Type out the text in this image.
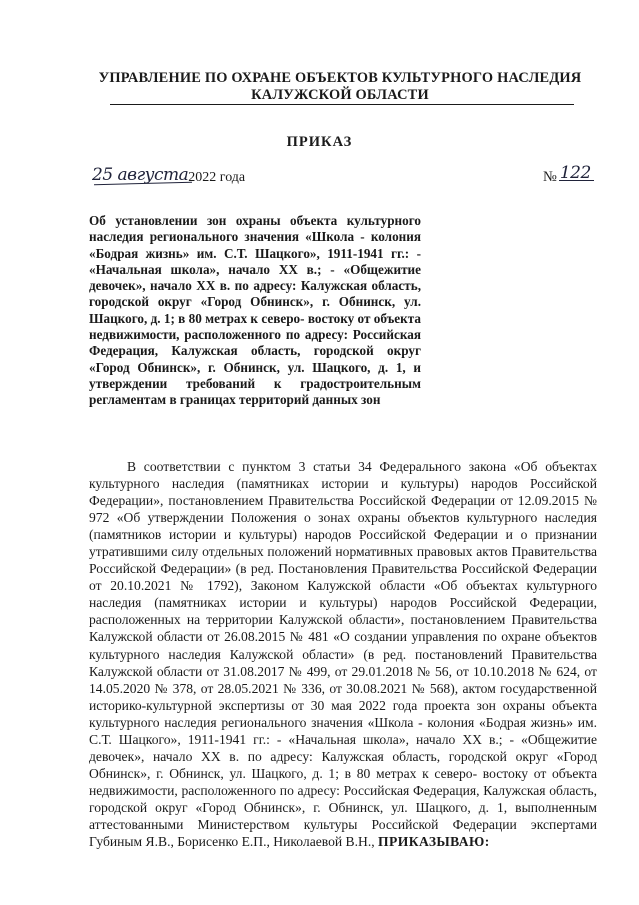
УПРАВЛЕНИЕ ПО ОХРАНЕ ОБЪЕКТОВ КУЛЬТУРНОГО НАСЛЕДИЯ
КАЛУЖСКОЙ ОБЛАСТИ
ПРИКАЗ
25 августа2022 года	№ 122
Об установлении зон охраны объекта культурного наследия регионального значения «Школа - колония «Бодрая жизнь» им. С.Т. Шацкого», 1911-1941 гг.: - «Начальная школа», начало XX в.; - «Общежитие девочек», начало XX в. по адресу: Калужская область, городской округ «Город Обнинск», г. Обнинск, ул. Шацкого, д. 1; в 80 метрах к северо- востоку от объекта недвижимости, расположенного по адресу: Российская Федерация, Калужская область, городской округ «Город Обнинск», г. Обнинск, ул. Шацкого, д. 1, и утверждении требований к градостроительным регламентам в границах территорий данных зон

В соответствии с пунктом 3 статьи 34 Федерального закона «Об объектах культурного наследия (памятниках истории и культуры) народов Российской Федерации», постановлением Правительства Российской Федерации от 12.09.2015 № 972 «Об утверждении Положения о зонах охраны объектов культурного наследия (памятников истории и культуры) народов Российской Федерации и о признании утратившими силу отдельных положений нормативных правовых актов Правительства Российской Федерации» (в ред. Постановления Правительства Российской Федерации от 20.10.2021 № 1792), Законом Калужской области «Об объектах культурного наследия (памятниках истории и культуры) народов Российской Федерации, расположенных на территории Калужской области», постановлением Правительства Калужской области от 26.08.2015 № 481 «О создании управления по охране объектов культурного наследия Калужской области» (в ред. постановлений Правительства Калужской области от 31.08.2017 № 499, от 29.01.2018 № 56, от 10.10.2018 № 624, от 14.05.2020 № 378, от 28.05.2021 № 336, от 30.08.2021 № 568), актом государственной историко-культурной экспертизы от 30 мая 2022 года проекта зон охраны объекта культурного наследия регионального значения «Школа - колония «Бодрая жизнь» им. С.Т. Шацкого», 1911-1941 гг.: - «Начальная школа», начало XX в.; - «Общежитие девочек», начало XX в. по адресу: Калужская область, городской округ «Город Обнинск», г. Обнинск, ул. Шацкого, д. 1; в 80 метрах к северо- востоку от объекта недвижимости, расположенного по адресу: Российская Федерация, Калужская область, городской округ «Город Обнинск», г. Обнинск, ул. Шацкого, д. 1, выполненным аттестованными Министерством культуры Российской Федерации экспертами Губиным Я.В., Борисенко Е.П., Николаевой В.Н., ПРИКАЗЫВАЮ:
